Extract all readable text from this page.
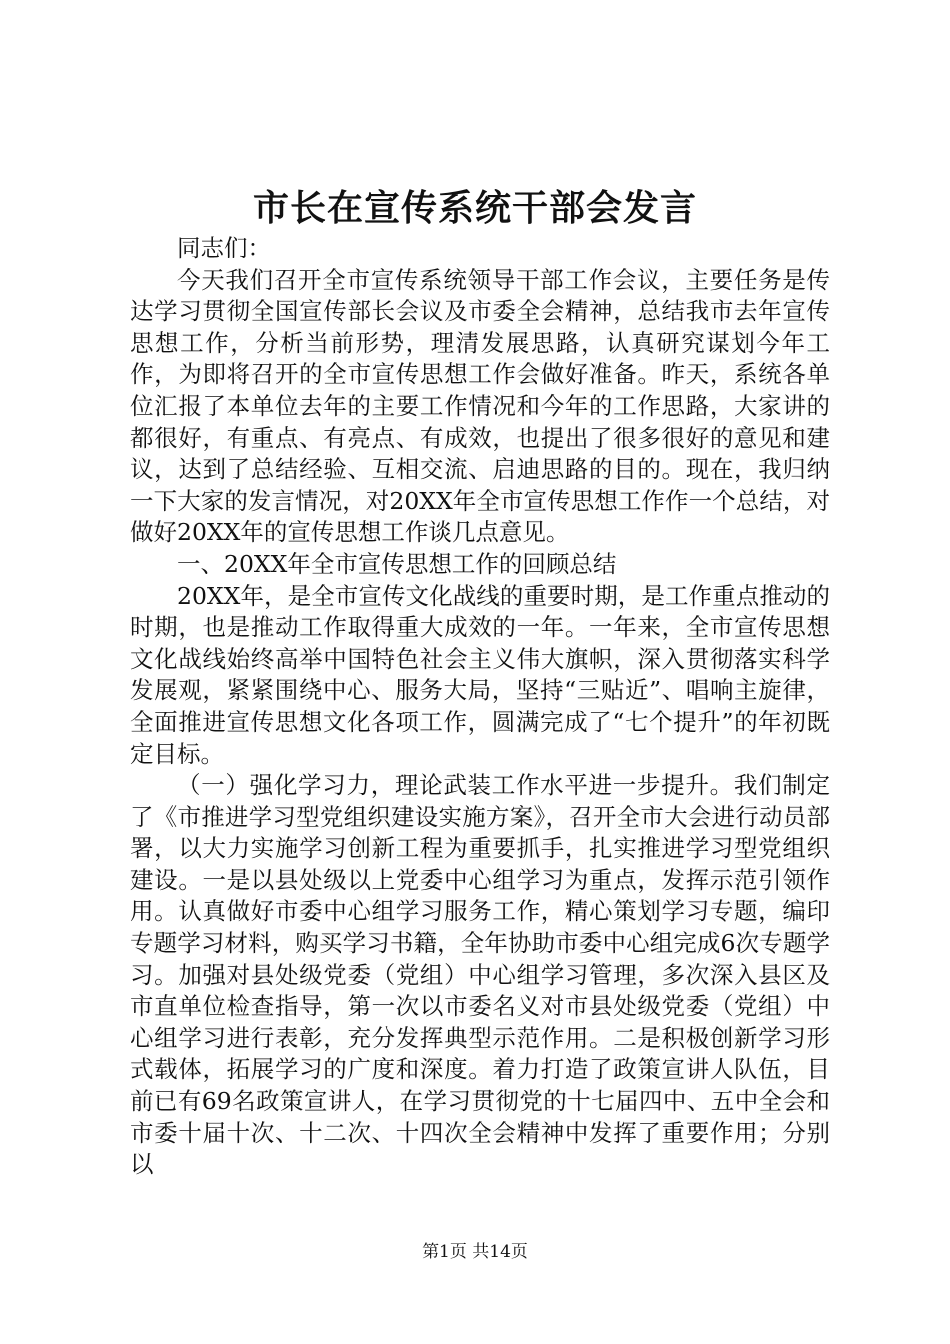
市长在宣传系统干部会发言

同志们：

今天我们召开全市宣传系统领导干部工作会议，主要任务是传达学习贯彻全国宣传部长会议及市委全会精神，总结我市去年宣传思想工作，分析当前形势，理清发展思路，认真研究谋划今年工作，为即将召开的全市宣传思想工作会做好准备。昨天，系统各单位汇报了本单位去年的主要工作情况和今年的工作思路，大家讲的都很好，有重点、有亮点、有成效，也提出了很多很好的意见和建议，达到了总结经验、互相交流、启迪思路的目的。现在，我归纳一下大家的发言情况，对20XX年全市宣传思想工作作一个总结，对做好20XX年的宣传思想工作谈几点意见。

一、20XX年全市宣传思想工作的回顾总结

20XX年，是全市宣传文化战线的重要时期，是工作重点推动的时期，也是推动工作取得重大成效的一年。一年来，全市宣传思想文化战线始终高举中国特色社会主义伟大旗帜，深入贯彻落实科学发展观，紧紧围绕中心、服务大局，坚持“三贴近”、唱响主旋律，全面推进宣传思想文化各项工作，圆满完成了“七个提升”的年初既定目标。

（一）强化学习力，理论武装工作水平进一步提升。我们制定了《市推进学习型党组织建设实施方案》，召开全市大会进行动员部署，以大力实施学习创新工程为重要抓手，扎实推进学习型党组织建设。一是以县处级以上党委中心组学习为重点，发挥示范引领作用。认真做好市委中心组学习服务工作，精心策划学习专题，编印专题学习材料，购买学习书籍，全年协助市委中心组完成6次专题学习。加强对县处级党委（党组）中心组学习管理，多次深入县区及市直单位检查指导，第一次以市委名义对市县处级党委（党组）中心组学习进行表彰，充分发挥典型示范作用。二是积极创新学习形式载体，拓展学习的广度和深度。着力打造了政策宣讲人队伍，目前已有69名政策宣讲人，在学习贯彻党的十七届四中、五中全会和市委十届十次、十二次、十四次全会精神中发挥了重要作用；分别以

第1页 共14页
